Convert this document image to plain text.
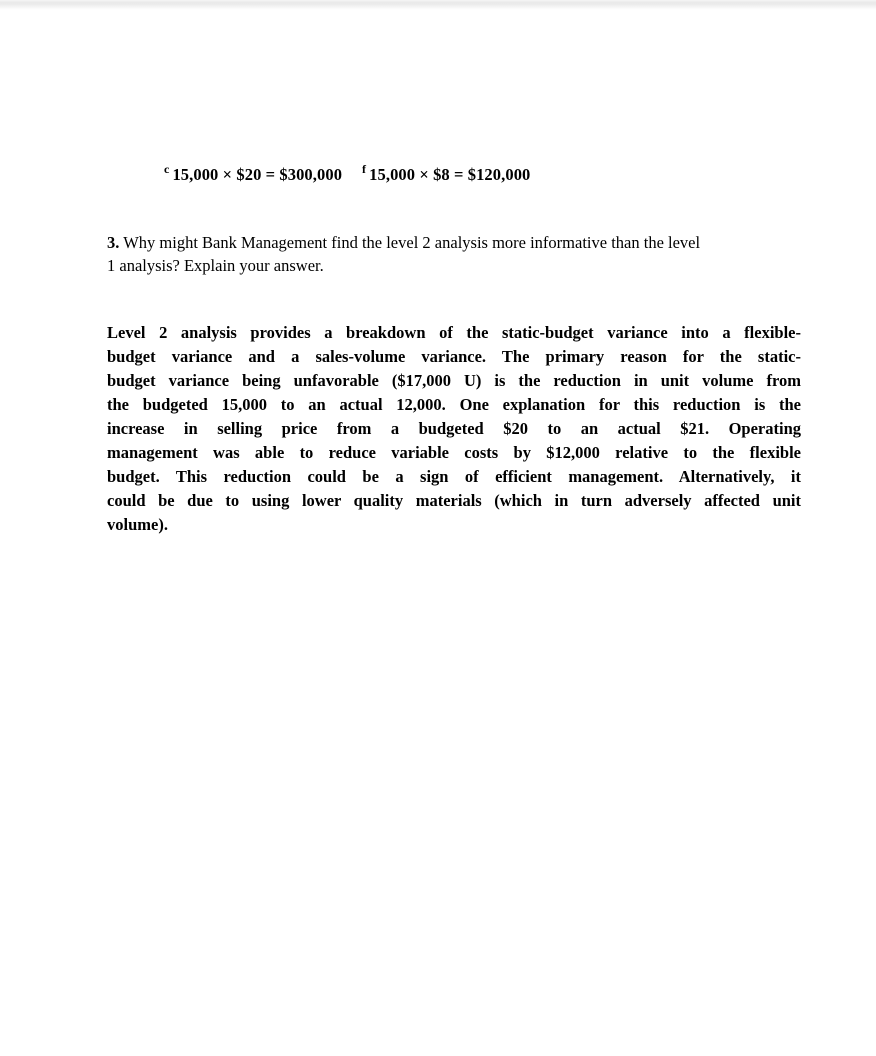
$^c$ 15,000 × $20 = $300,000 $^f$ 15,000 × $8 = $120,000
3. Why might Bank Management find the level 2 analysis more informative than the level
1 analysis? Explain your answer.
Level 2 analysis provides a breakdown of the static-budget variance into a flexible-
budget variance and a sales-volume variance. The primary reason for the static-
budget variance being unfavorable ($17,000 U) is the reduction in unit volume from
the budgeted 15,000 to an actual 12,000. One explanation for this reduction is the
increase in selling price from a budgeted $20 to an actual $21. Operating
management was able to reduce variable costs by $12,000 relative to the flexible
budget. This reduction could be a sign of efficient management. Alternatively, it
could be due to using lower quality materials (which in turn adversely affected unit
volume).
